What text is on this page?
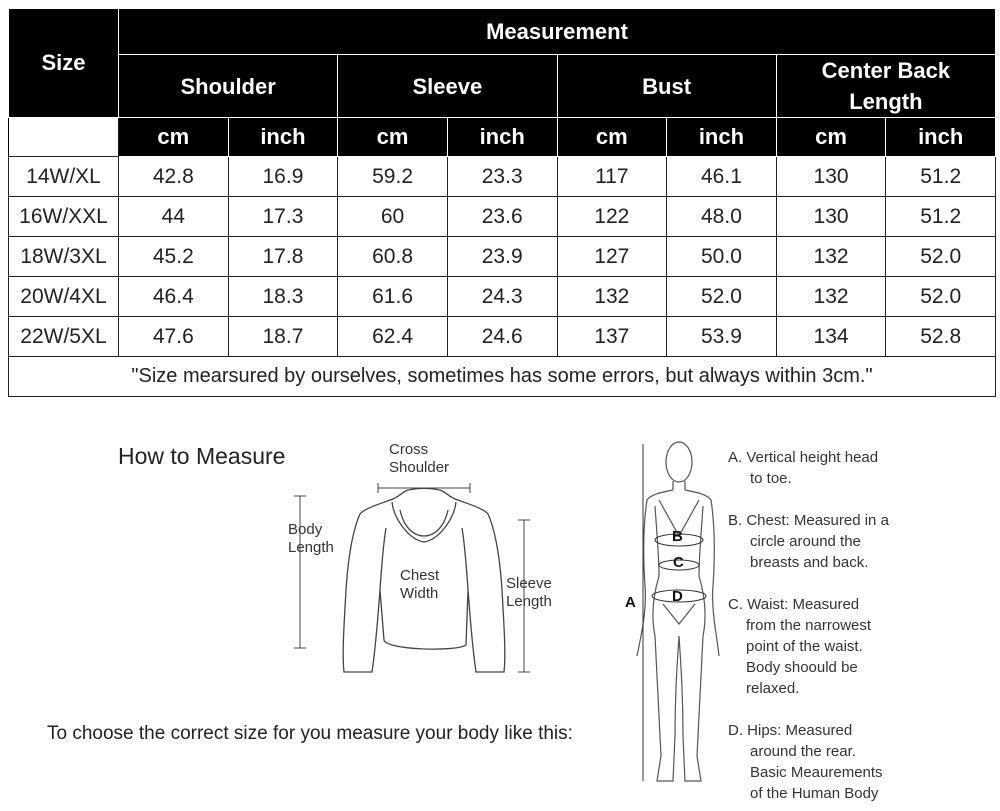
Size	Measurement							
	Shoulder		Sleeve		Bust		Center Back
Length	
	cm	inch	cm	inch	cm	inch	cm	inch
14W/XL	42.8	16.9	59.2	23.3	117	46.1	130	51.2
16W/XXL	44	17.3	60	23.6	122	48.0	130	51.2
18W/3XL	45.2	17.8	60.8	23.9	127	50.0	132	52.0
20W/4XL	46.4	18.3	61.6	24.3	132	52.0	132	52.0
22W/5XL	47.6	18.7	62.4	24.6	137	53.9	134	52.8
"Size mearsured by ourselves, sometimes has some errors, but always within 3cm."								
How to Measure	Cross
Shoulder
Body
Length
Chest
Width
Sleeve
Length
To choose the correct size for you measure your body like this:
B
C
D
A
A. Vertical height head
to toe.
B. Chest: Measured in a
circle around the
breasts and back.
C. Waist: Measured
from the narrowest
point of the waist.
Body shoould be
relaxed.
D. Hips: Measured
around the rear.
Basic Meaurements
of the Human Body
